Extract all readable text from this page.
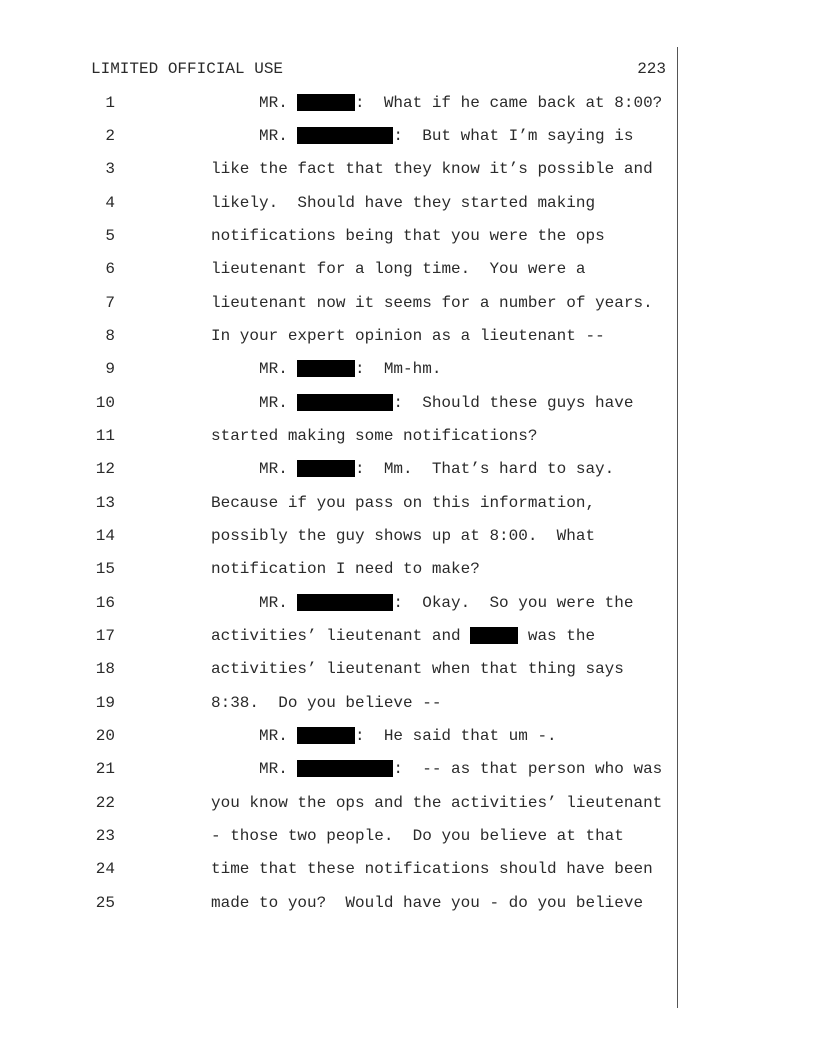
LIMITED OFFICIAL USE	223
1	MR.	:  What if he came back at 8:00?
2	MR.	:  But what I’m saying is
3	like the fact that they know it’s possible and
4	likely.  Should have they started making
5	notifications being that you were the ops
6	lieutenant for a long time.  You were a
7	lieutenant now it seems for a number of years.
8	In your expert opinion as a lieutenant --
9	MR.	:  Mm-hm.
10	MR.	:  Should these guys have
11	started making some notifications?
12	MR.	:  Mm.  That’s hard to say.
13	Because if you pass on this information,
14	possibly the guy shows up at 8:00.  What
15	notification I need to make?
16	MR.	:  Okay.  So you were the
17	activities’ lieutenant and	was the
18	activities’ lieutenant when that thing says
19	8:38.  Do you believe --
20	MR.	:  He said that um -.
21	MR.	:  -- as that person who was
22	you know the ops and the activities’ lieutenant
23	- those two people.  Do you believe at that
24	time that these notifications should have been
25	made to you?  Would have you - do you believe
